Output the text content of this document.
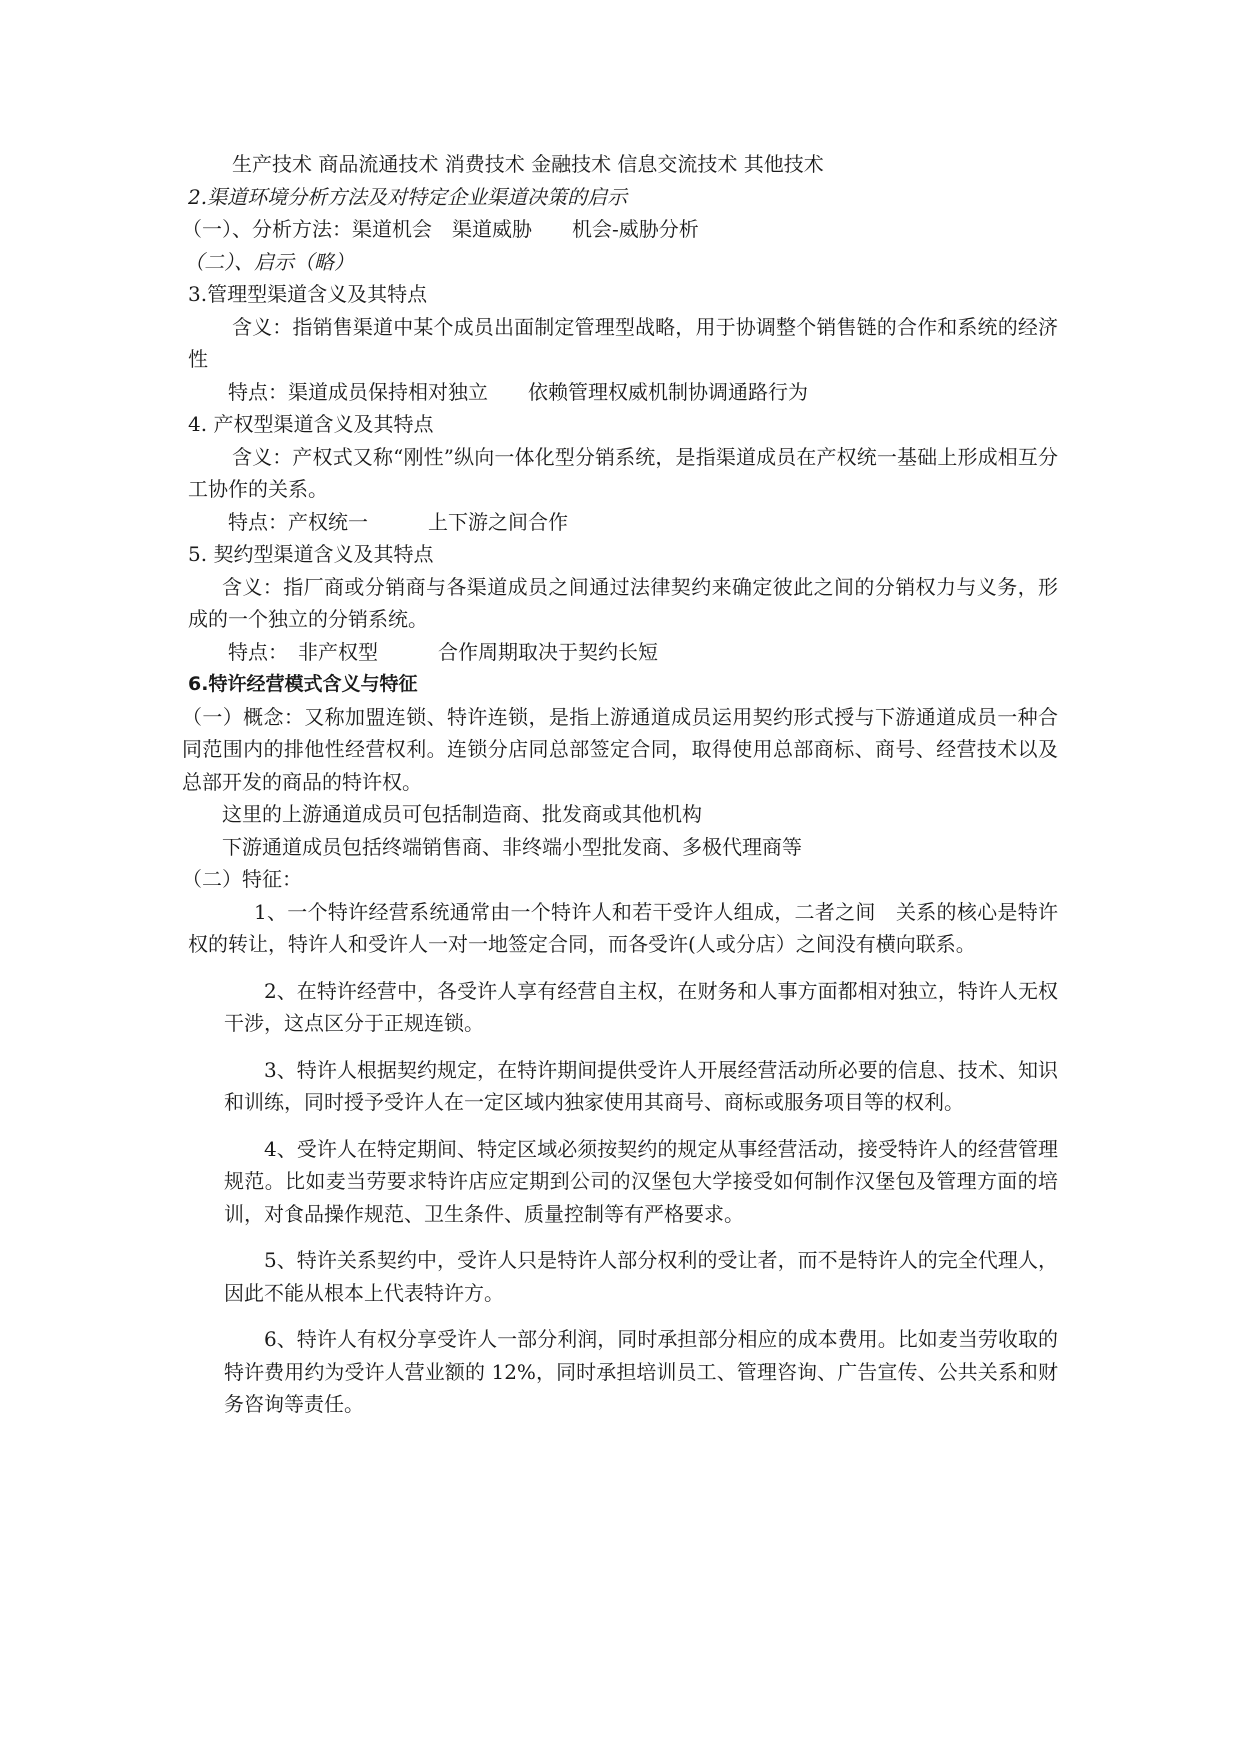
生产技术 商品流通技术 消费技术 金融技术 信息交流技术 其他技术
2.渠道环境分析方法及对特定企业渠道决策的启示
（一）、分析方法：渠道机会　渠道威胁　　机会-威胁分析
（二）、启示（略）
3.管理型渠道含义及其特点
含义：指销售渠道中某个成员出面制定管理型战略，用于协调整个销售链的合作和系统的经济性
特点：渠道成员保持相对独立　　依赖管理权威机制协调通路行为
4. 产权型渠道含义及其特点
含义：产权式又称“刚性”纵向一体化型分销系统，是指渠道成员在产权统一基础上形成相互分工协作的关系。
特点：产权统一　　　上下游之间合作
5. 契约型渠道含义及其特点
含义：指厂商或分销商与各渠道成员之间通过法律契约来确定彼此之间的分销权力与义务，形成的一个独立的分销系统。
特点：　非产权型　　　合作周期取决于契约长短
6.特许经营模式含义与特征
（一）概念：又称加盟连锁、特许连锁，是指上游通道成员运用契约形式授与下游通道成员一种合同范围内的排他性经营权利。连锁分店同总部签定合同，取得使用总部商标、商号、经营技术以及总部开发的商品的特许权。
这里的上游通道成员可包括制造商、批发商或其他机构
下游通道成员包括终端销售商、非终端小型批发商、多极代理商等
（二）特征：
1、一个特许经营系统通常由一个特许人和若干受许人组成，二者之间　关系的核心是特许权的转让，特许人和受许人一对一地签定合同，而各受许(人或分店）之间没有横向联系。
2、在特许经营中，各受许人享有经营自主权，在财务和人事方面都相对独立，特许人无权干涉，这点区分于正规连锁。
3、特许人根据契约规定，在特许期间提供受许人开展经营活动所必要的信息、技术、知识和训练，同时授予受许人在一定区域内独家使用其商号、商标或服务项目等的权利。
4、受许人在特定期间、特定区域必须按契约的规定从事经营活动，接受特许人的经营管理规范。比如麦当劳要求特许店应定期到公司的汉堡包大学接受如何制作汉堡包及管理方面的培训，对食品操作规范、卫生条件、质量控制等有严格要求。
5、特许关系契约中，受许人只是特许人部分权利的受让者，而不是特许人的完全代理人，因此不能从根本上代表特许方。
6、特许人有权分享受许人一部分利润，同时承担部分相应的成本费用。比如麦当劳收取的特许费用约为受许人营业额的 12%，同时承担培训员工、管理咨询、广告宣传、公共关系和财务咨询等责任。
